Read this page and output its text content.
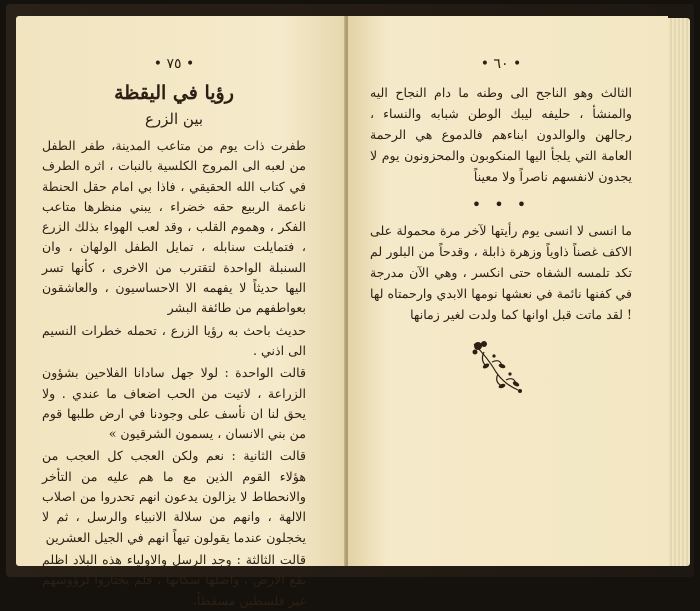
• ٧٥ •
رؤيا في اليقظة
بين الزرع

طفرت ذات يوم من متاعب المدينة، طفر الطفل من لعبه الى المروج الكلسية بالنبات ، اثره الطرف في كتاب الله الحقيقي ، فاذا بي امام حقل الحنطة ناعمة الربيع حقه خضراء ، يبني منظرها متاعب الفكر ، وهموم القلب ، وقد لعب الهواء بذلك الزرع ، فتمايلت سنابله ، تمايل الطفل الولهان ، وان السنبلة الواحدة لتقترب من الاخرى ، كأنها تسر اليها حديثاً لا يفهمه الا الاحساسيون ، والعاشقون بعواطفهم من طائفة البشر

حديث باحث به رؤيا الزرع ، تحمله خطرات النسيم الى اذني .

قالت الواحدة : لولا جهل سادانا الفلاحين بشؤون الزراعة ، لاتيت من الحب اضعاف ما عندي . ولا يحق لنا ان نأسف على وجودنا في ارض طلبها قوم من بني الانسان ، يسمون الشرقيون »

قالت الثانية : نعم ولكن العجب كل العجب من هؤلاء القوم الذين مع ما هم عليه من التأخر والانحطاط لا يزالون يدعون انهم تحدروا من اصلاب الالهة ، وانهم من سلالة الانبياء والرسل ، ثم لا يخجلون عندما يقولون تيهاً انهم في الجيل العشرين

قالت الثالثة : وجد الرسل والاولياء هذه البلاد اظلم بقع الارض ، واضلها سكانها ، فلم يختاروا لرؤوسهم غير فلسطين مسقطاً،

• ٦٠ •

الثالث وهو الناجح الى وطنه ما دام النجاح اليه والمنشأ ، حليفه ليبك الوطن شبابه والنساء ، رجالهن والوالدون ابناءهم فالدموع هي الرحمة العامة التي يلجأ اليها المنكوبون والمحزونون يوم لا يجدون لانفسهم ناصراً ولا معيناً

• • •

ما انسى لا انسى يوم رأيتها لآخر مرة محمولة على الاكف غصناً ذاوياً وزهرة ذابلة ، وقدحاً من البلور لم تكد تلمسه الشفاه حتى انكسر ، وهي الآن مدرجة في كفنها نائمة في نعشها نومها الابدي وارحمتاه لها ! لقد ماتت قبل اوانها كما ولدت لغير زمانها
